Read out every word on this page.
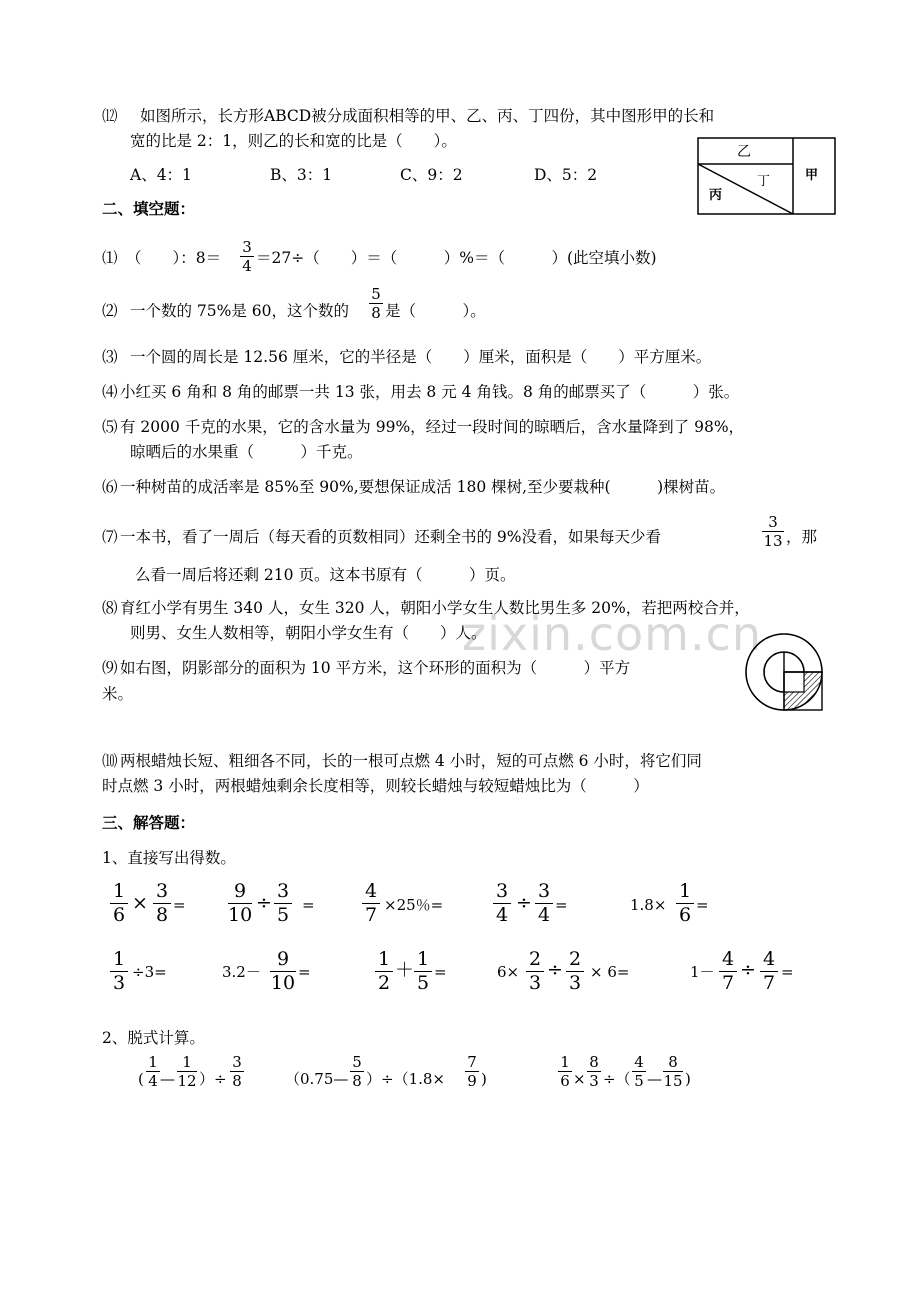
zixin.com.cn
⑿ 如图所示，长方形ABCD被分成面积相等的甲、乙、丙、丁四份，其中图形甲的长和
宽的比是 2：1，则乙的长和宽的比是（　　）。
A、4：1	B、3：1	C、9：2	D、5：2
乙
丁
丙
甲
二、填空题：
⑴ （　　）：$8= \frac{3}{4} =27\div$（　　）＝（　　　）%＝（　　　）(此空填小数)
⑵ 一个数的 75%是 60，这个数的 $\frac{5}{8}$ 是（　　　）。
⑶ 一个圆的周长是 12.56 厘米，它的半径是（　　）厘米，面积是（　　）平方厘米。
⑷ 小红买 6 角和 8 角的邮票一共 13 张，用去 8 元 4 角钱。8 角的邮票买了（　　　）张。
⑸ 有 2000 千克的水果，它的含水量为 99%，经过一段时间的晾晒后，含水量降到了 98%，
晾晒后的水果重（　　　）千克。
⑹ 一种树苗的成活率是 85%至 90%,要想保证成活 180 棵树,至少要栽种(　　　)棵树苗。
⑺ 一本书，看了一周后（每天看的页数相同）还剩全书的 9%没看，如果每天少看	$\frac{3}{13}$ ，那
么看一周后将还剩 210 页。这本书原有（　　　）页。
⑻ 育红小学有男生 340 人，女生 320 人，朝阳小学女生人数比男生多 20%，若把两校合并，
则男、女生人数相等，朝阳小学女生有（　　）人。
⑼ 如右图，阴影部分的面积为 10 平方米，这个环形的面积为（　　　）平方
米。
⑽ 两根蜡烛长短、粗细各不同，长的一根可点燃 4 小时，短的可点燃 6 小时，将它们同
时点燃 3 小时，两根蜡烛剩余长度相等，则较长蜡烛与较短蜡烛比为（　　　）
三、解答题：
1、直接写出得数。
$\frac{1}{6} \times \frac{3}{8} = \frac{9}{10} \div \frac{3}{5} = \frac{4}{7} \times 25$％=	$\frac{3}{4} \div \frac{3}{4}$ =	$1.8\times \frac{1}{6}$ =
$\frac{1}{3} \div 3=$	$3.2- \frac{9}{10}$ =	$\frac{1}{2} + \frac{1}{5}$ =	$6\times \frac{2}{3} \div \frac{2}{3} \times 6=$	$1- \frac{4}{7} \div \frac{4}{7}$ =
2、脱式计算。
( $\frac{1}{4}$ — $\frac{1}{12}$ ）÷ $\frac{3}{8}$	（0.75— $\frac{5}{8} )\div(1.8\times \frac{7}{9}$ )	$\frac{1}{6} \times \frac{8}{3}$ ÷（ $\frac{4}{5}$ — $\frac{8}{15}$ )
